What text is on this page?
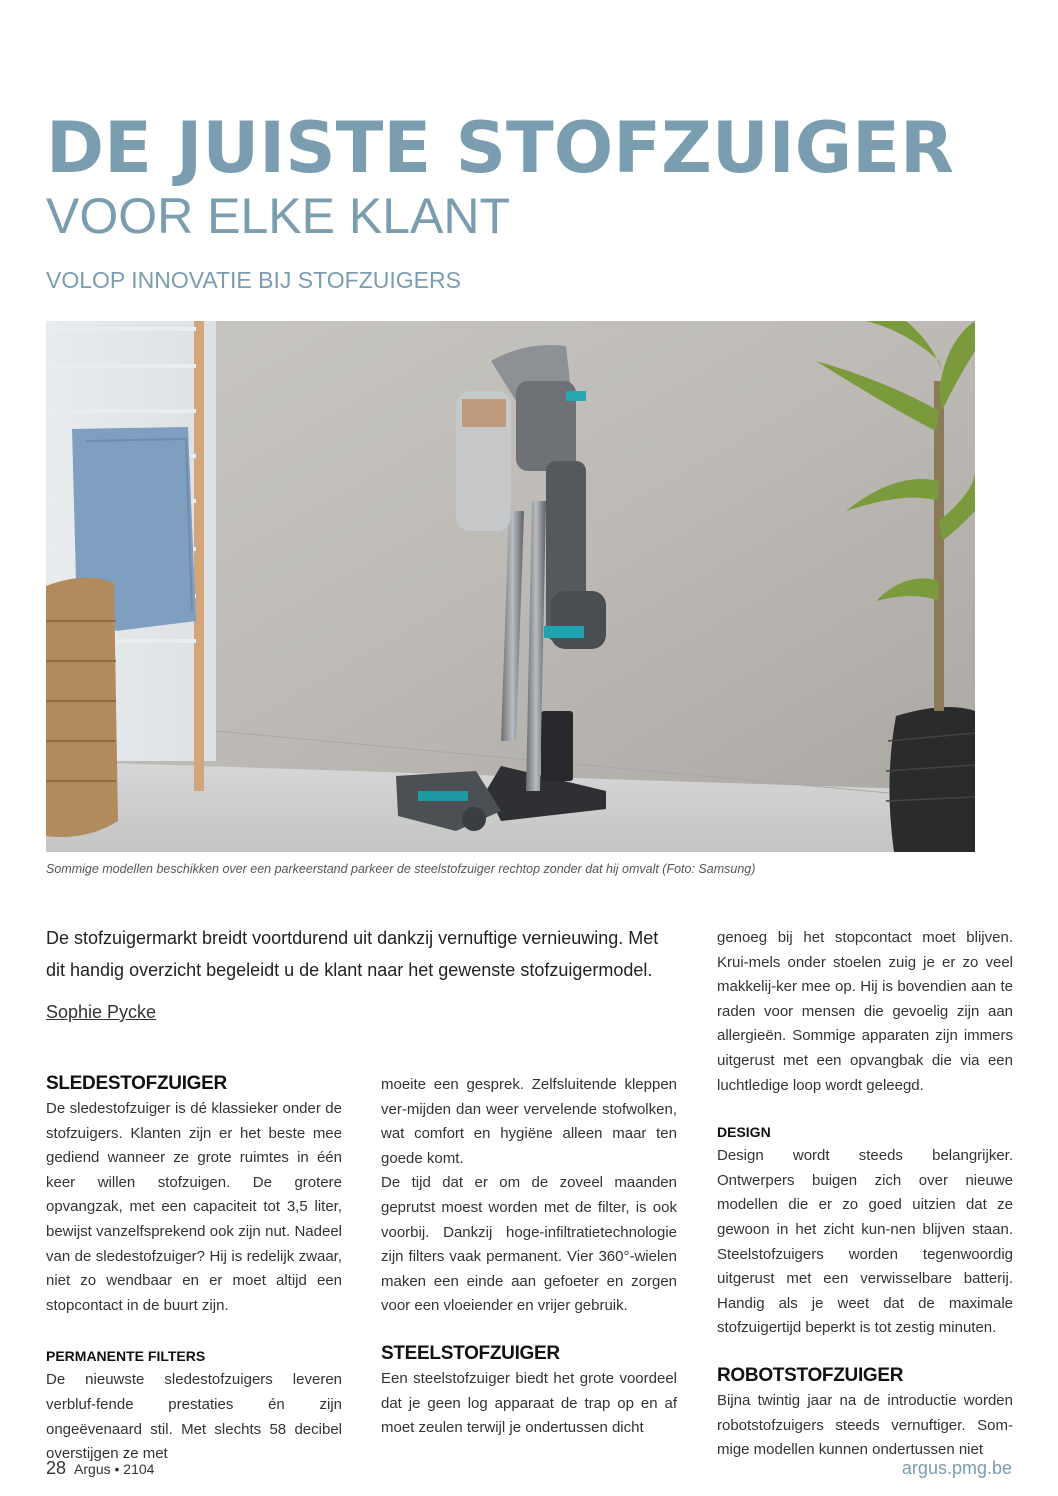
DE JUISTE STOFZUIGER
VOOR ELKE KLANT
VOLOP INNOVATIE BIJ STOFZUIGERS
Sommige modellen beschikken over een parkeerstand parkeer de steelstofzuiger rechtop zonder dat hij omvalt (Foto: Samsung)
De stofzuigermarkt breidt voortdurend uit dankzij vernuftige vernieuwing. Met dit handig overzicht begeleidt u de klant naar het gewenste stofzuigermodel.
Sophie Pycke
SLEDESTOFZUIGER

De sledestofzuiger is dé klassieker onder de stofzuigers. Klanten zijn er het beste mee gediend wanneer ze grote ruimtes in één keer willen stofzuigen. De grotere opvangzak, met een capaciteit tot 3,5 liter, bewijst vanzelfsprekend ook zijn nut. Nadeel van de sledestofzuiger? Hij is redelijk zwaar, niet zo wendbaar en er moet altijd een stopcontact in de buurt zijn.

PERMANENTE FILTERS

De nieuwste sledestofzuigers leveren verbluf-fende prestaties én zijn ongeëvenaard stil. Met slechts 58 decibel overstijgen ze met

moeite een gesprek. Zelfsluitende kleppen ver-mijden dan weer vervelende stofwolken, wat comfort en hygiëne alleen maar ten goede komt.

De tijd dat er om de zoveel maanden geprutst moest worden met de filter, is ook voorbij. Dankzij hoge-infiltratietechnologie zijn filters vaak permanent. Vier 360°-wielen maken een einde aan gefoeter en zorgen voor een vloeiender en vrijer gebruik.

STEELSTOFZUIGER

Een steelstofzuiger biedt het grote voordeel dat je geen log apparaat de trap op en af moet zeulen terwijl je ondertussen dicht

genoeg bij het stopcontact moet blijven. Krui-mels onder stoelen zuig je er zo veel makkelij-ker mee op. Hij is bovendien aan te raden voor mensen die gevoelig zijn aan allergieën. Sommige apparaten zijn immers uitgerust met een opvangbak die via een luchtledige loop wordt geleegd.

DESIGN

Design wordt steeds belangrijker. Ontwerpers buigen zich over nieuwe modellen die er zo goed uitzien dat ze gewoon in het zicht kun-nen blijven staan. Steelstofzuigers worden tegenwoordig uitgerust met een verwisselbare batterij. Handig als je weet dat de maximale stofzuigertijd beperkt is tot zestig minuten.

ROBOTSTOFZUIGER

Bijna twintig jaar na de introductie worden robotstofzuigers steeds vernuftiger. Som-mige modellen kunnen ondertussen niet

28 Argus • 2104	argus.pmg.be
